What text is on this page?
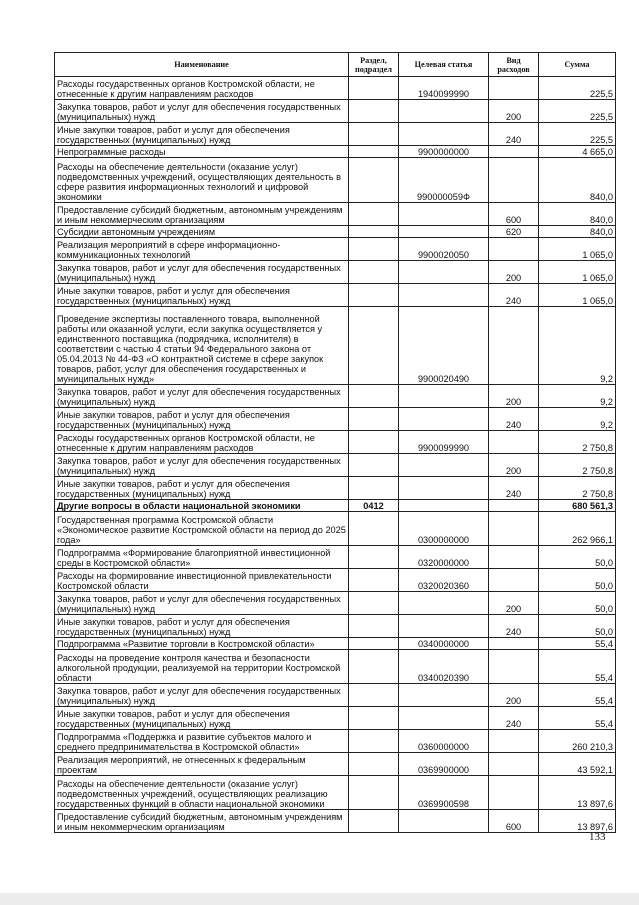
Наименование	Раздел, подраздел	Целевая статья	Вид расходов	Сумма
Расходы государственных органов Костромской области, не отнесенные к другим направлениям расходов		1940099990		225,5
Закупка товаров, работ и услуг для обеспечения государственных (муниципальных) нужд			200	225,5
Иные закупки товаров, работ и услуг для обеспечения государственных (муниципальных) нужд			240	225,5
Непрограммные расходы		9900000000		4 665,0
Расходы на обеспечение деятельности (оказание услуг) подведомственных учреждений, осуществляющих деятельность в сфере развития информационных технологий и цифровой экономики		990000059Ф		840,0
Предоставление субсидий бюджетным, автономным учреждениям и иным некоммерческим организациям			600	840,0
Субсидии автономным учреждениям			620	840,0
Реализация мероприятий в сфере информационно-коммуникационных технологий		9900020050		1 065,0
Закупка товаров, работ и услуг для обеспечения государственных (муниципальных) нужд			200	1 065,0
Иные закупки товаров, работ и услуг для обеспечения государственных (муниципальных) нужд			240	1 065,0
Проведение экспертизы поставленного товара, выполненной работы или оказанной услуги, если закупка осуществляется у единственного поставщика (подрядчика, исполнителя) в соответствии с частью 4 статьи 94 Федерального закона от 05.04.2013 № 44-ФЗ «О контрактной системе в сфере закупок товаров, работ, услуг для обеспечения государственных и муниципальных нужд»		9900020490		9,2
Закупка товаров, работ и услуг для обеспечения государственных (муниципальных) нужд			200	9,2
Иные закупки товаров, работ и услуг для обеспечения государственных (муниципальных) нужд			240	9,2
Расходы государственных органов Костромской области, не отнесенные к другим направлениям расходов		9900099990		2 750,8
Закупка товаров, работ и услуг для обеспечения государственных (муниципальных) нужд			200	2 750,8
Иные закупки товаров, работ и услуг для обеспечения государственных (муниципальных) нужд			240	2 750,8
Другие вопросы в области национальной экономики	0412			680 561,3
Государственная программа Костромской области «Экономическое развитие Костромской области на период до 2025 года»		0300000000		262 966,1
Подпрограмма «Формирование благоприятной инвестиционной среды в Костромской области»		0320000000		50,0
Расходы на формирование инвестиционной привлекательности Костромской области		0320020360		50,0
Закупка товаров, работ и услуг для обеспечения государственных (муниципальных) нужд			200	50,0
Иные закупки товаров, работ и услуг для обеспечения государственных (муниципальных) нужд			240	50,0
Подпрограмма «Развитие торговли в Костромской области»		0340000000		55,4
Расходы на проведение контроля качества и безопасности алкогольной продукции, реализуемой на территории Костромской области		0340020390		55,4
Закупка товаров, работ и услуг для обеспечения государственных (муниципальных) нужд			200	55,4
Иные закупки товаров, работ и услуг для обеспечения государственных (муниципальных) нужд			240	55,4
Подпрограмма «Поддержка и развитие субъектов малого и среднего предпринимательства в Костромской области»		0360000000		260 210,3
Реализация мероприятий, не отнесенных к федеральным проектам		0369900000		43 592,1
Расходы на обеспечение деятельности (оказание услуг) подведомственных учреждений, осуществляющих реализацию государственных функций в области национальной экономики		0369900598		13 897,6
Предоставление субсидий бюджетным, автономным учреждениям и иным некоммерческим организациям			600	13 897,6
133
